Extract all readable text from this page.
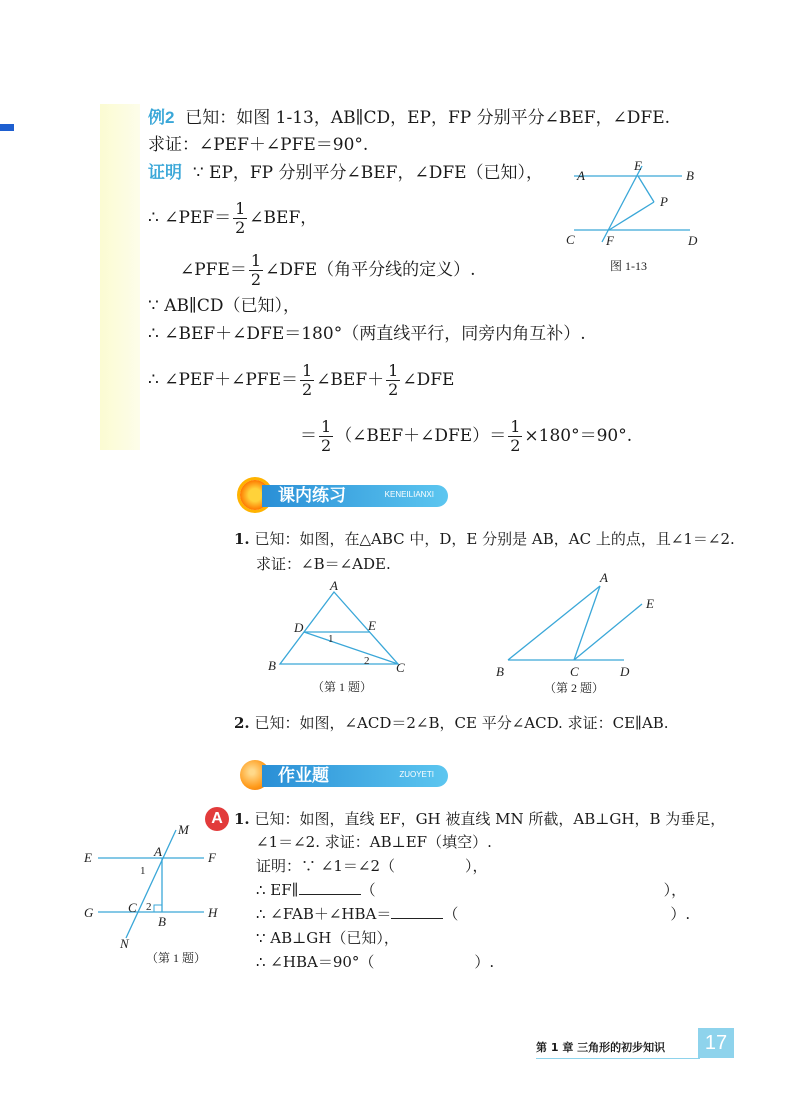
例2 已知：如图 1-13，AB∥CD，EP，FP 分别平分∠BEF，∠DFE.
求证：∠PEF＋∠PFE＝90°.
证明 ∵ EP，FP 分别平分∠BEF，∠DFE（已知），
∴ ∠PEF＝ $\frac{1}{2}$ ∠BEF，
∠PFE＝ $\frac{1}{2}$ ∠DFE（角平分线的定义）.
∵ AB∥CD（已知），
∴ ∠BEF＋∠DFE＝180°（两直线平行，同旁内角互补）.
∴ ∠PEF＋∠PFE＝ $\frac{1}{2}$ ∠BEF＋ $\frac{1}{2}$ ∠DFE
＝ $\frac{1}{2}$ （∠BEF＋∠DFE）＝ $\frac{1}{2} \times 180^\circ=90^\circ$.
A
E
B
P
C F	D
图 1-13
课内练习	KENEILIANXI
1. 已知：如图，在△ABC 中，D，E 分别是 AB，AC 上的点，且∠1＝∠2.
求证：∠B＝∠ADE.
A
D	E
1
2
B	C
（第 1 题）
A
E
B	C	D
（第 2 题）
2. 已知：如图，∠ACD＝2∠B，CE 平分∠ACD. 求证：CE∥AB.
作业题	ZUOYETI
A 1. 已知：如图，直线 EF，GH 被直线 MN 所截，AB⊥GH，B 为垂足，
∠1＝∠2. 求证：AB⊥EF（填空）.
证明：∵ ∠1＝∠2（	），
∴ EF∥	（	），
∴ ∠FAB＋∠HBA＝	（	）.
∵ AB⊥GH（已知），
∴ ∠HBA＝90°（	）.
M
E	A	F
1
G	C 2
B
H
N
（第 1 题）
第 1 章 三角形的初步知识	17
